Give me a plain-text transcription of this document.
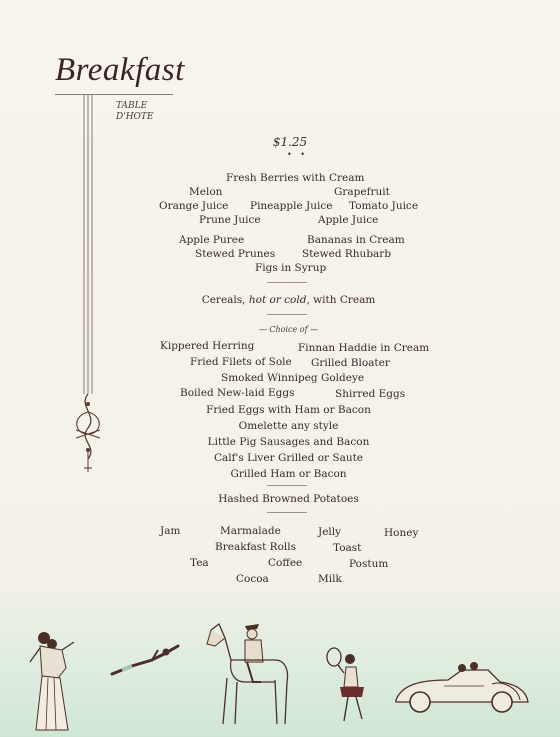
Breakfast
TABLE
D'HOTE
$1.25
• •
Fresh Berries with Cream
Melon	Grapefruit
Orange Juice Pineapple Juice Tomato Juice
Prune Juice	Apple Juice
Apple Puree	Bananas in Cream
Stewed Prunes	Stewed Rhubarb
Figs in Syrup
Cereals, hot or cold, with Cream
— Choice of —
Kippered Herring	Finnan Haddie in Cream
Fried Filets of Sole Grilled Bloater
Smoked Winnipeg Goldeye
Boiled New-laid Eggs	Shirred Eggs
Fried Eggs with Ham or Bacon
Omelette any style
Little Pig Sausages and Bacon
Calf's Liver Grilled or Saute
Grilled Ham or Bacon
Hashed Browned Potatoes
Jam	Marmalade	Jelly	Honey
Breakfast Rolls	Toast
Tea	Coffee	Postum
Cocoa	Milk
